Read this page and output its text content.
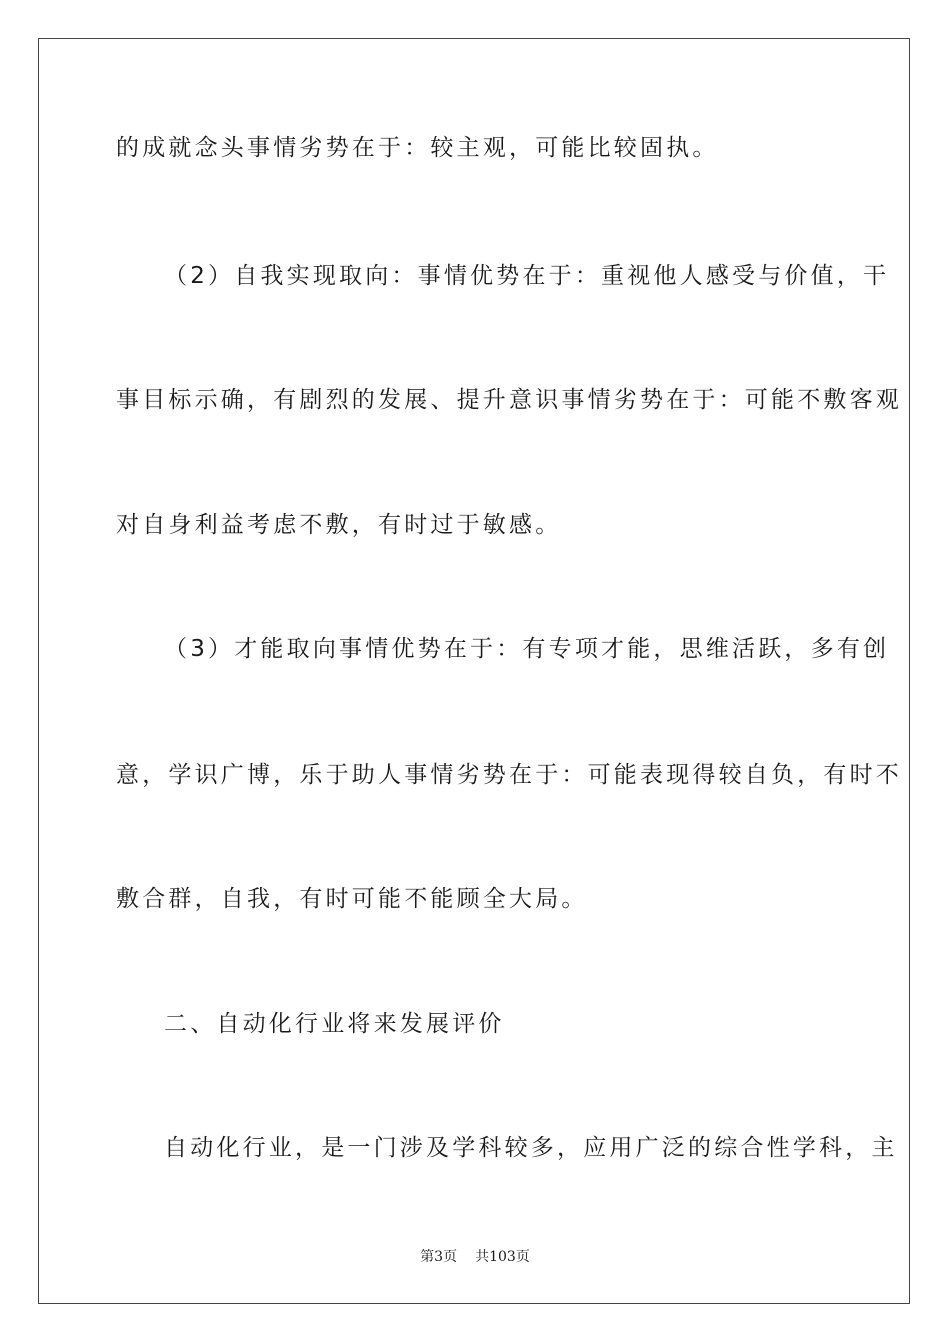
的成就念头事情劣势在于：较主观，可能比较固执。
（2）自我实现取向：事情优势在于：重视他人感受与价值，干
事目标示确，有剧烈的发展、提升意识事情劣势在于：可能不敷客观
对自身利益考虑不敷，有时过于敏感。
（3）才能取向事情优势在于：有专项才能，思维活跃，多有创
意，学识广博，乐于助人事情劣势在于：可能表现得较自负，有时不
敷合群，自我，有时可能不能顾全大局。
二、自动化行业将来发展评价
自动化行业，是一门涉及学科较多，应用广泛的综合性学科，主
第3页 共103页
